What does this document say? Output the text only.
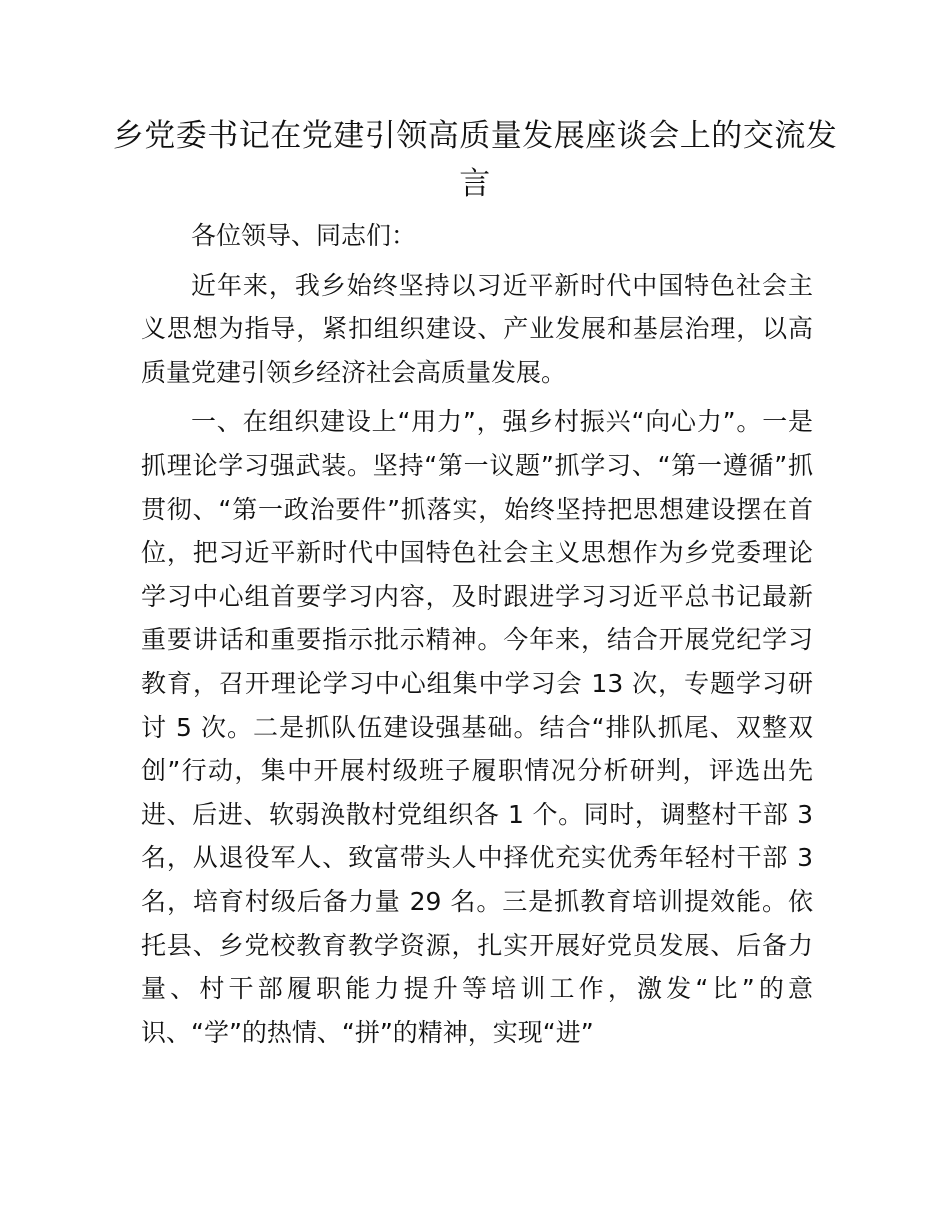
乡党委书记在党建引领高质量发展座谈会上的交流发言

各位领导、同志们：

近年来，我乡始终坚持以习近平新时代中国特色社会主义思想为指导，紧扣组织建设、产业发展和基层治理，以高质量党建引领乡经济社会高质量发展。

一、在组织建设上“用力”，强乡村振兴“向心力”。一是抓理论学习强武装。坚持“第一议题”抓学习、“第一遵循”抓贯彻、“第一政治要件”抓落实，始终坚持把思想建设摆在首位，把习近平新时代中国特色社会主义思想作为乡党委理论学习中心组首要学习内容，及时跟进学习习近平总书记最新重要讲话和重要指示批示精神。今年来，结合开展党纪学习教育，召开理论学习中心组集中学习会 13 次，专题学习研讨 5 次。二是抓队伍建设强基础。结合“排队抓尾、双整双创”行动，集中开展村级班子履职情况分析研判，评选出先进、后进、软弱涣散村党组织各 1 个。同时，调整村干部 3 名，从退役军人、致富带头人中择优充实优秀年轻村干部 3 名，培育村级后备力量 29 名。三是抓教育培训提效能。依托县、乡党校教育教学资源，扎实开展好党员发展、后备力量、村干部履职能力提升等培训工作，激发“比”的意识、“学”的热情、“拼”的精神，实现“进”
